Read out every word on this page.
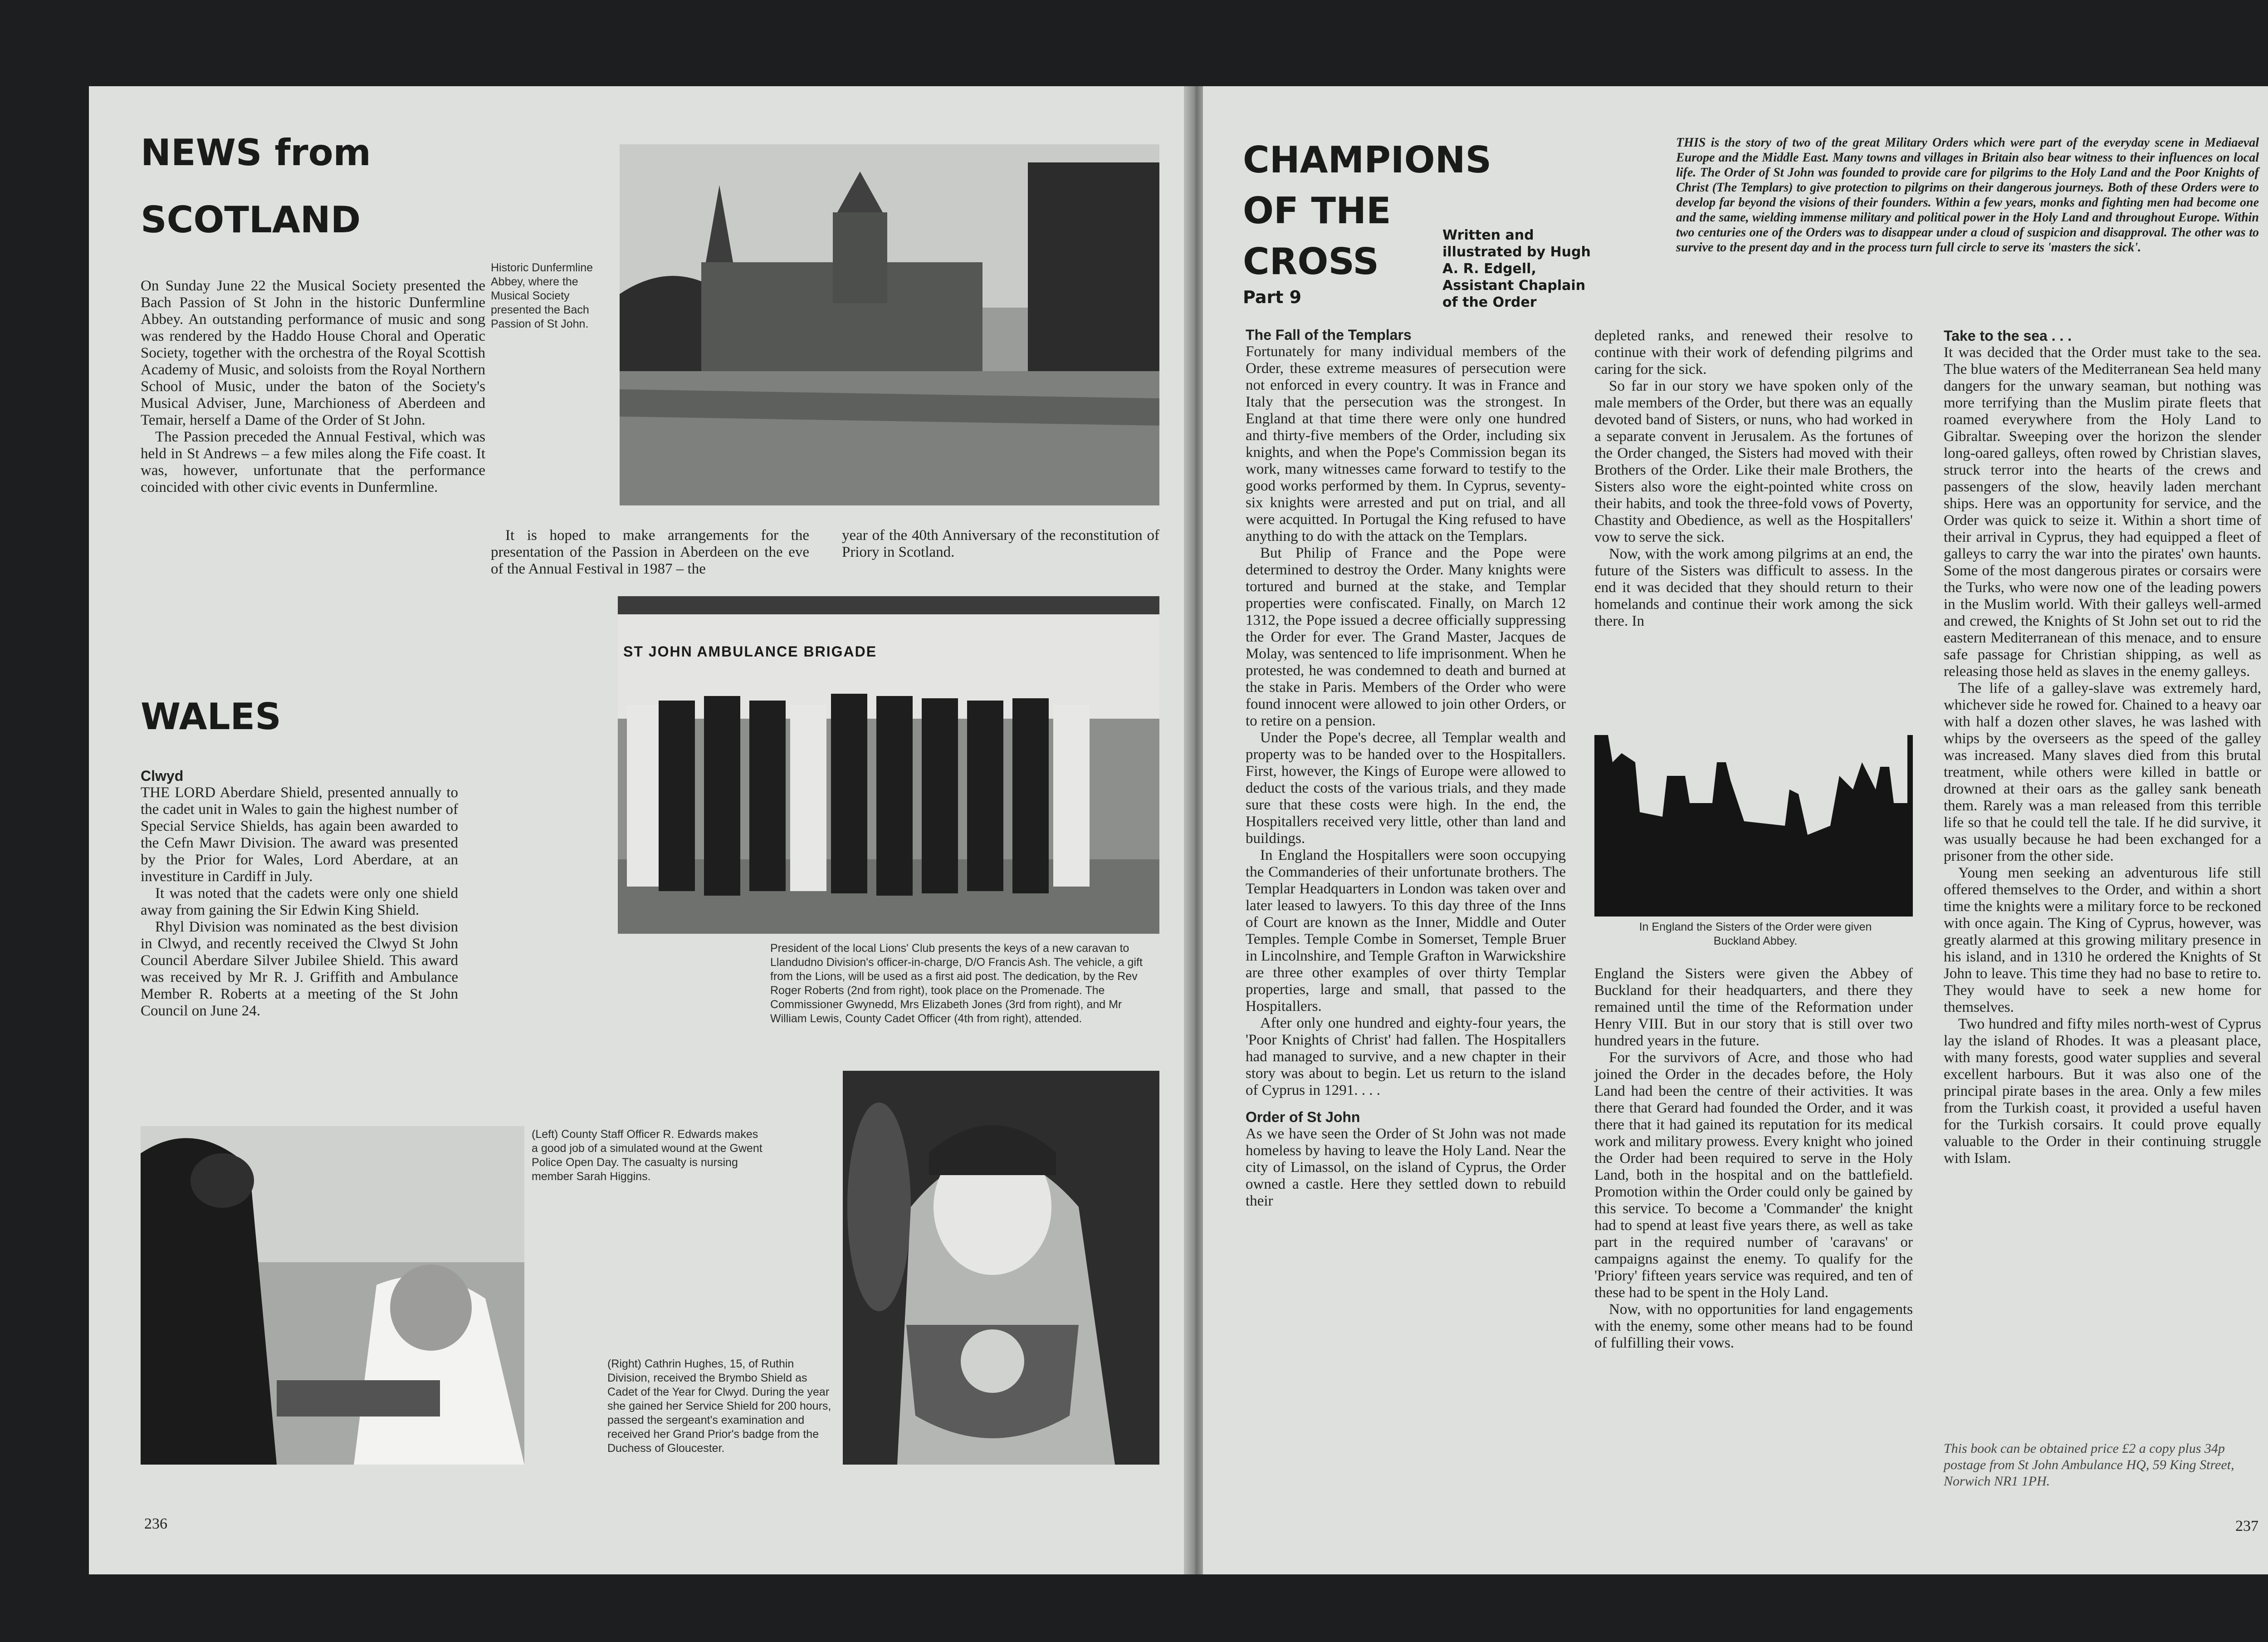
NEWS from
SCOTLAND

Historic Dunfermline Abbey, where the Musical Society presented the Bach Passion of St John.

On Sunday June 22 the Musical Society presented the Bach Passion of St John in the historic Dunfermline Abbey. An outstanding performance of music and song was rendered by the Haddo House Choral and Operatic Society, together with the orchestra of the Royal Scottish Academy of Music, and soloists from the Royal Northern School of Music, under the baton of the Society's Musical Adviser, June, Marchioness of Aberdeen and Temair, herself a Dame of the Order of St John.

The Passion preceded the Annual Festival, which was held in St Andrews – a few miles along the Fife coast. It was, however, unfortunate that the performance coincided with other civic events in Dunfermline.

It is hoped to make arrangements for the presentation of the Passion in Aberdeen on the eve of the Annual Festival in 1987 – the

year of the 40th Anniversary of the reconstitution of Priory in Scotland.

WALES
Clwyd

THE LORD Aberdare Shield, presented annually to the cadet unit in Wales to gain the highest number of Special Service Shields, has again been awarded to the Cefn Mawr Division. The award was presented by the Prior for Wales, Lord Aberdare, at an investiture in Cardiff in July.

It was noted that the cadets were only one shield away from gaining the Sir Edwin King Shield.

Rhyl Division was nominated as the best division in Clwyd, and recently received the Clwyd St John Council Aberdare Silver Jubilee Shield. This award was received by Mr R. J. Griffith and Ambulance Member R. Roberts at a meeting of the St John Council on June 24.

ST JOHN AMBULANCE BRIGADE

President of the local Lions' Club presents the keys of a new caravan to Llandudno Division's officer-in-charge, D/O Francis Ash. The vehicle, a gift from the Lions, will be used as a first aid post. The dedication, by the Rev Roger Roberts (2nd from right), took place on the Promenade. The Commissioner Gwynedd, Mrs Elizabeth Jones (3rd from right), and Mr William Lewis, County Cadet Officer (4th from right), attended.

(Left) County Staff Officer R. Edwards makes a good job of a simulated wound at the Gwent Police Open Day. The casualty is nursing member Sarah Higgins.

(Right) Cathrin Hughes, 15, of Ruthin Division, received the Brymbo Shield as Cadet of the Year for Clwyd. During the year she gained her Service Shield for 200 hours, passed the sergeant's examination and received her Grand Prior's badge from the Duchess of Gloucester.

236
CHAMPIONS
OF THE
CROSS
Part 9
Written and illustrated by Hugh A. R. Edgell, Assistant Chaplain of the Order
THIS is the story of two of the great Military Orders which were part of the everyday scene in Mediaeval Europe and the Middle East. Many towns and villages in Britain also bear witness to their influences on local life. The Order of St John was founded to provide care for pilgrims to the Holy Land and the Poor Knights of Christ (The Templars) to give protection to pilgrims on their dangerous journeys. Both of these Orders were to develop far beyond the visions of their founders. Within a few years, monks and fighting men had become one and the same, wielding immense military and political power in the Holy Land and throughout Europe. Within two centuries one of the Orders was to disappear under a cloud of suspicion and disapproval. The other was to survive to the present day and in the process turn full circle to serve its 'masters the sick'.
The Fall of the Templars

Fortunately for many individual members of the Order, these extreme measures of persecution were not enforced in every country. It was in France and Italy that the persecution was the strongest. In England at that time there were only one hundred and thirty-five members of the Order, including six knights, and when the Pope's Commission began its work, many witnesses came forward to testify to the good works performed by them. In Cyprus, seventy-six knights were arrested and put on trial, and all were acquitted. In Portugal the King refused to have anything to do with the attack on the Templars.

But Philip of France and the Pope were determined to destroy the Order. Many knights were tortured and burned at the stake, and Templar properties were confiscated. Finally, on March 12 1312, the Pope issued a decree officially suppressing the Order for ever. The Grand Master, Jacques de Molay, was sentenced to life imprisonment. When he protested, he was condemned to death and burned at the stake in Paris. Members of the Order who were found innocent were allowed to join other Orders, or to retire on a pension.

Under the Pope's decree, all Templar wealth and property was to be handed over to the Hospitallers. First, however, the Kings of Europe were allowed to deduct the costs of the various trials, and they made sure that these costs were high. In the end, the Hospitallers received very little, other than land and buildings.

In England the Hospitallers were soon occupying the Commanderies of their unfortunate brothers. The Templar Headquarters in London was taken over and later leased to lawyers. To this day three of the Inns of Court are known as the Inner, Middle and Outer Temples. Temple Combe in Somerset, Temple Bruer in Lincolnshire, and Temple Grafton in Warwickshire are three other examples of over thirty Templar properties, large and small, that passed to the Hospitallers.

After only one hundred and eighty-four years, the 'Poor Knights of Christ' had fallen. The Hospitallers had managed to survive, and a new chapter in their story was about to begin. Let us return to the island of Cyprus in 1291. . . .

Order of St John

As we have seen the Order of St John was not made homeless by having to leave the Holy Land. Near the city of Limassol, on the island of Cyprus, the Order owned a castle. Here they settled down to rebuild their

depleted ranks, and renewed their resolve to continue with their work of defending pilgrims and caring for the sick.

So far in our story we have spoken only of the male members of the Order, but there was an equally devoted band of Sisters, or nuns, who had worked in a separate convent in Jerusalem. As the fortunes of the Order changed, the Sisters had moved with their Brothers of the Order. Like their male Brothers, the Sisters also wore the eight-pointed white cross on their habits, and took the three-fold vows of Poverty, Chastity and Obedience, as well as the Hospitallers' vow to serve the sick.

Now, with the work among pilgrims at an end, the future of the Sisters was difficult to assess. In the end it was decided that they should return to their homelands and continue their work among the sick there. In

In England the Sisters of the Order were given Buckland Abbey.

England the Sisters were given the Abbey of Buckland for their headquarters, and there they remained until the time of the Reformation under Henry VIII. But in our story that is still over two hundred years in the future.

For the survivors of Acre, and those who had joined the Order in the decades before, the Holy Land had been the centre of their activities. It was there that Gerard had founded the Order, and it was there that it had gained its reputation for its medical work and military prowess. Every knight who joined the Order had been required to serve in the Holy Land, both in the hospital and on the battlefield. Promotion within the Order could only be gained by this service. To become a 'Commander' the knight had to spend at least five years there, as well as take part in the required number of 'caravans' or campaigns against the enemy. To qualify for the 'Priory' fifteen years service was required, and ten of these had to be spent in the Holy Land.

Now, with no opportunities for land engagements with the enemy, some other means had to be found of fulfilling their vows.

Take to the sea . . .

It was decided that the Order must take to the sea. The blue waters of the Mediterranean Sea held many dangers for the unwary seaman, but nothing was more terrifying than the Muslim pirate fleets that roamed everywhere from the Holy Land to Gibraltar. Sweeping over the horizon the slender long-oared galleys, often rowed by Christian slaves, struck terror into the hearts of the crews and passengers of the slow, heavily laden merchant ships. Here was an opportunity for service, and the Order was quick to seize it. Within a short time of their arrival in Cyprus, they had equipped a fleet of galleys to carry the war into the pirates' own haunts. Some of the most dangerous pirates or corsairs were the Turks, who were now one of the leading powers in the Muslim world. With their galleys well-armed and crewed, the Knights of St John set out to rid the eastern Mediterranean of this menace, and to ensure safe passage for Christian shipping, as well as releasing those held as slaves in the enemy galleys.

The life of a galley-slave was extremely hard, whichever side he rowed for. Chained to a heavy oar with half a dozen other slaves, he was lashed with whips by the overseers as the speed of the galley was increased. Many slaves died from this brutal treatment, while others were killed in battle or drowned at their oars as the galley sank beneath them. Rarely was a man released from this terrible life so that he could tell the tale. If he did survive, it was usually because he had been exchanged for a prisoner from the other side.

Young men seeking an adventurous life still offered themselves to the Order, and within a short time the knights were a military force to be reckoned with once again. The King of Cyprus, however, was greatly alarmed at this growing military presence in his island, and in 1310 he ordered the Knights of St John to leave. This time they had no base to retire to. They would have to seek a new home for themselves.

Two hundred and fifty miles north-west of Cyprus lay the island of Rhodes. It was a pleasant place, with many forests, good water supplies and several excellent harbours. But it was also one of the principal pirate bases in the area. Only a few miles from the Turkish coast, it provided a useful haven for the Turkish corsairs. It could prove equally valuable to the Order in their continuing struggle with Islam.

This book can be obtained price £2 a copy plus 34p postage from St John Ambulance HQ, 59 King Street, Norwich NR1 1PH.
237
